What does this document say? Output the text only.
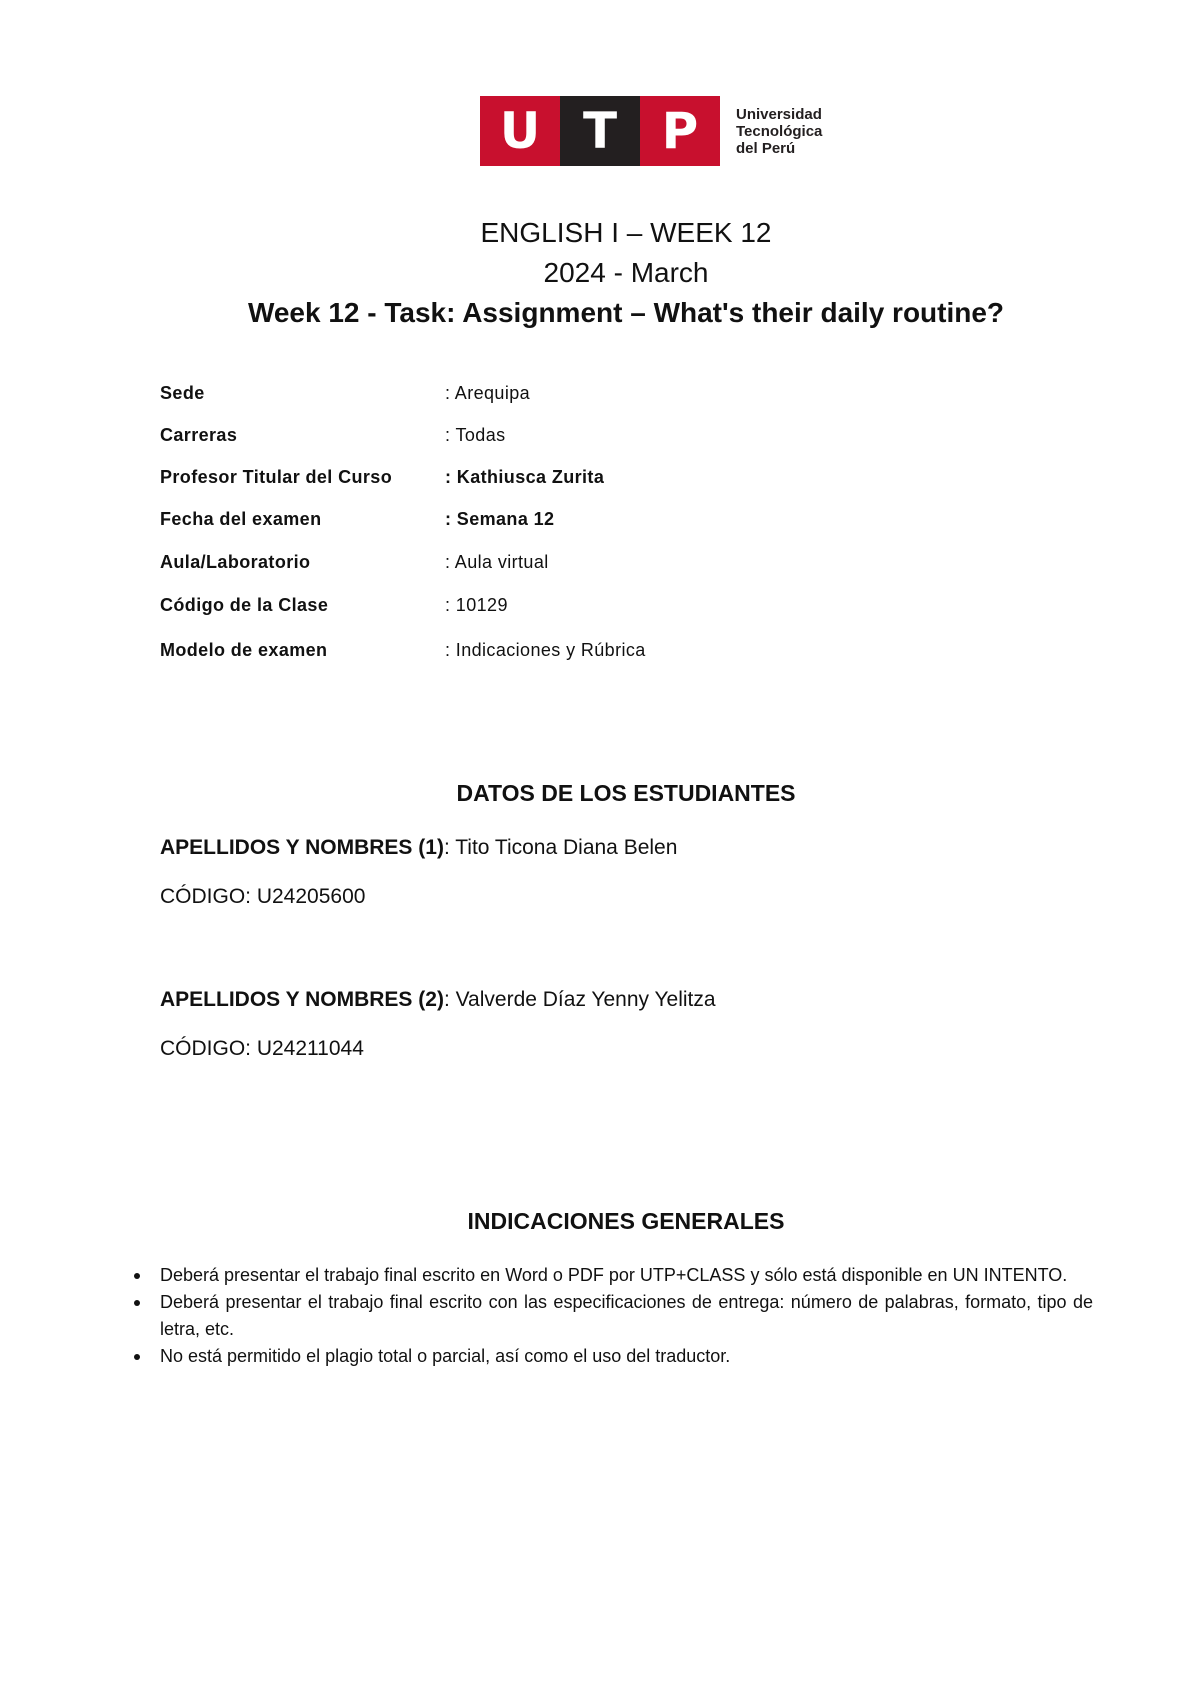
U T P	Universidad
Tecnológica
del Perú
ENGLISH I – WEEK 12
2024 - March
Week 12 - Task: Assignment – What's their daily routine?
Sede	: Arequipa
Carreras	: Todas
Profesor Titular del Curso	: Kathiusca Zurita
Fecha del examen	: Semana 12
Aula/Laboratorio	: Aula virtual
Código de la Clase	: 10129
Modelo de examen	: Indicaciones y Rúbrica
DATOS DE LOS ESTUDIANTES
APELLIDOS Y NOMBRES (1): Tito Ticona Diana Belen
CÓDIGO: U24205600
APELLIDOS Y NOMBRES (2): Valverde Díaz Yenny Yelitza
CÓDIGO: U24211044
INDICACIONES GENERALES
Deberá presentar el trabajo final escrito en Word o PDF por UTP+CLASS y sólo está disponible en UN INTENTO.
Deberá presentar el trabajo final escrito con las especificaciones de entrega: número de palabras, formato, tipo de letra, etc.
No está permitido el plagio total o parcial, así como el uso del traductor.
